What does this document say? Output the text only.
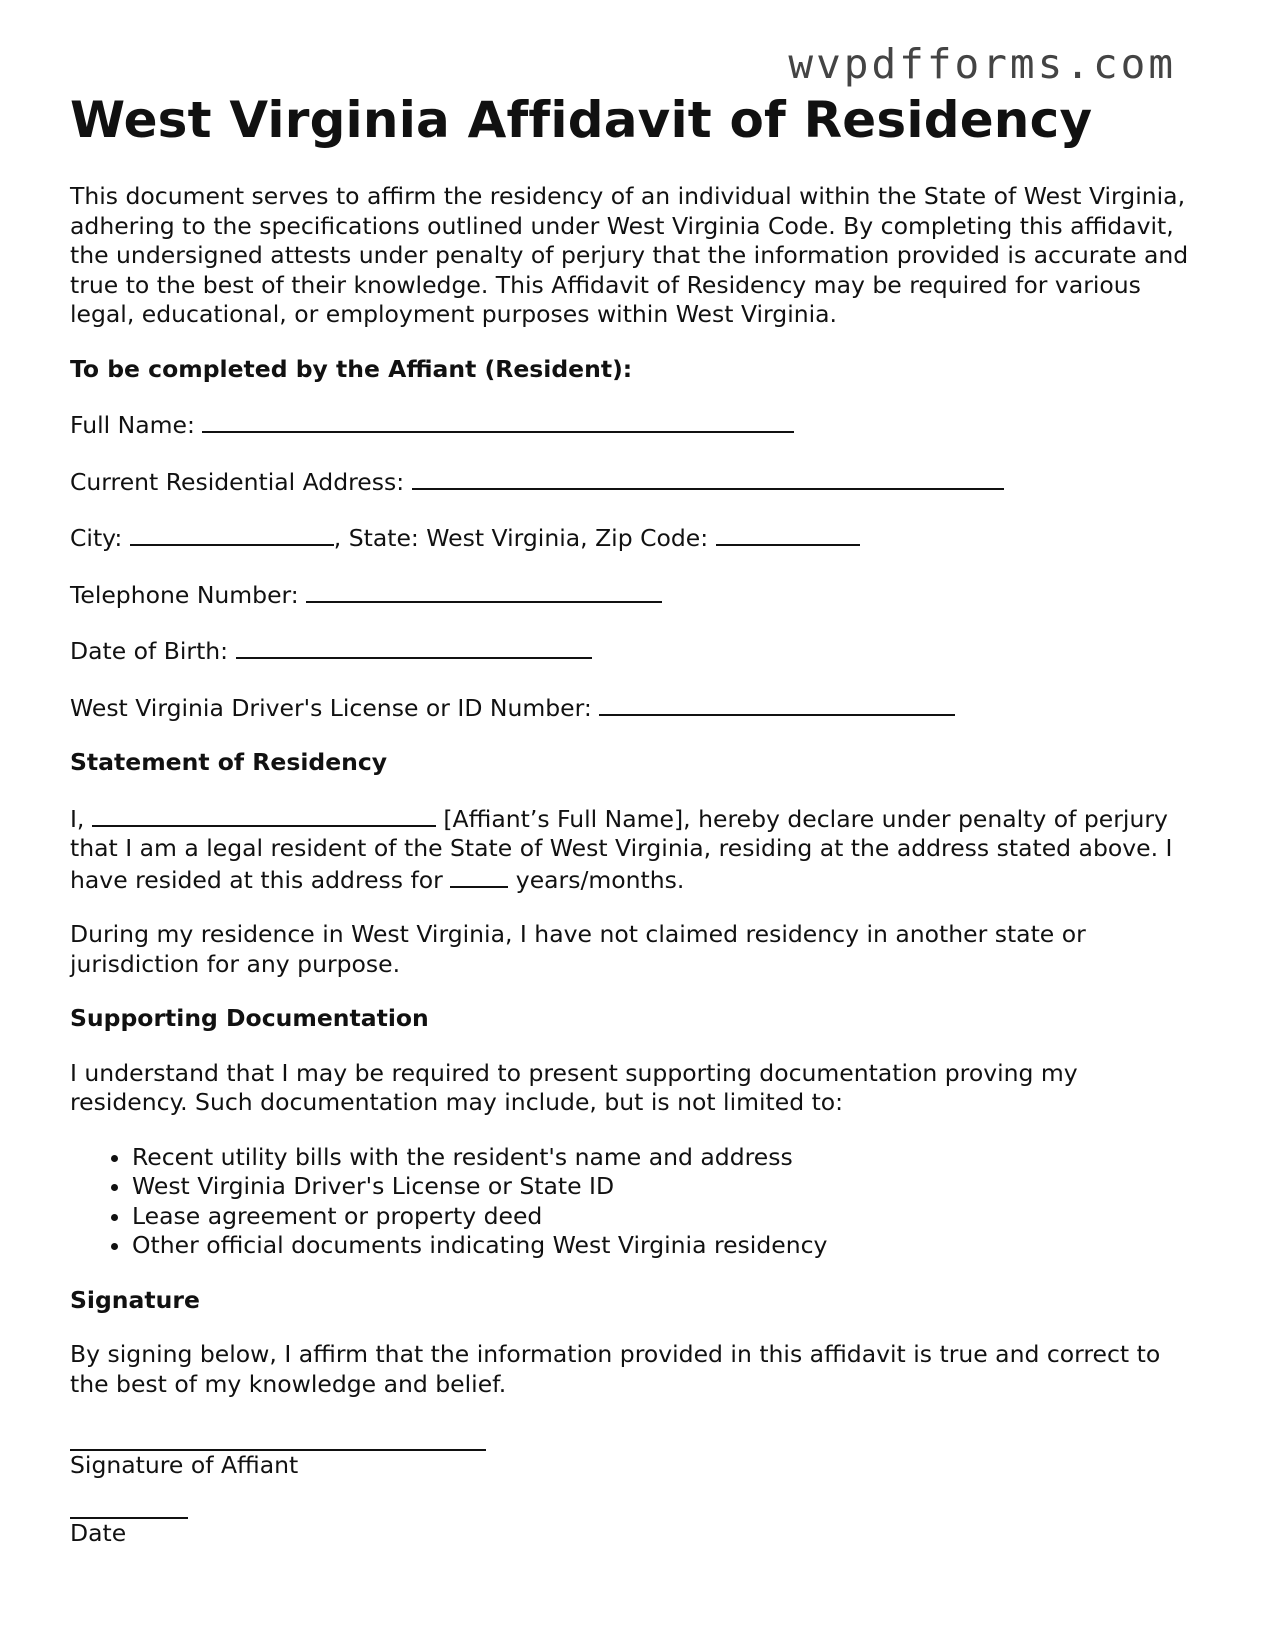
wvpdfforms.com
West Virginia Affidavit of Residency

This document serves to affirm the residency of an individual within the State of West Virginia, adhering to the specifications outlined under West Virginia Code. By completing this affidavit, the undersigned attests under penalty of perjury that the information provided is accurate and true to the best of their knowledge. This Affidavit of Residency may be required for various legal, educational, or employment purposes within West Virginia.

To be completed by the Affiant (Resident):
Full Name:
Current Residential Address:
City:	, State: West Virginia, Zip Code:
Telephone Number:
Date of Birth:
West Virginia Driver's License or ID Number:
Statement of Residency

I,	[Affiant’s Full Name], hereby declare under penalty of perjury that I am a legal resident of the State of West Virginia, residing at the address stated above. I have resided at this address for	years/months.

During my residence in West Virginia, I have not claimed residency in another state or jurisdiction for any purpose.

Supporting Documentation

I understand that I may be required to present supporting documentation proving my residency. Such documentation may include, but is not limited to:

• Recent utility bills with the resident's name and address
• West Virginia Driver's License or State ID
• Lease agreement or property deed
• Other official documents indicating West Virginia residency
Signature

By signing below, I affirm that the information provided in this affidavit is true and correct to the best of my knowledge and belief.

Signature of Affiant
Date
